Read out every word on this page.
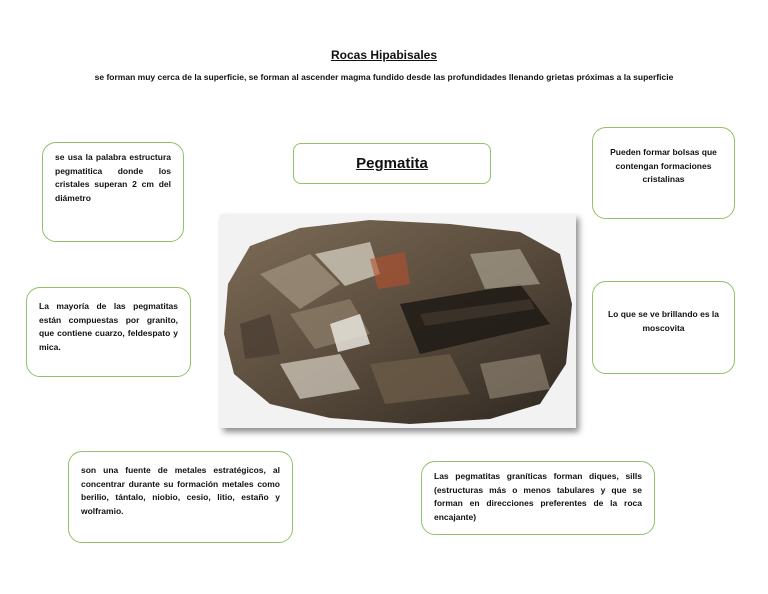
Rocas Hipabisales
se forman muy cerca de la superficie, se forman al ascender magma fundido desde las profundidades llenando grietas próximas a la superficie
Pegmatita
se usa la palabra estructura pegmatitica donde los cristales superan 2 cm del diámetro
La mayoría de las pegmatitas están compuestas por granito, que contiene cuarzo, feldespato y mica.
son una fuente de metales estratégicos, al concentrar durante su formación metales como berilio, tántalo, niobio, cesio, litio, estaño y wolframio.
Pueden formar bolsas que contengan formaciones cristalinas
Lo que se ve brillando es la moscovita
Las pegmatitas graníticas forman diques, sills (estructuras más o menos tabulares y que se forman en direcciones preferentes de la roca encajante)
